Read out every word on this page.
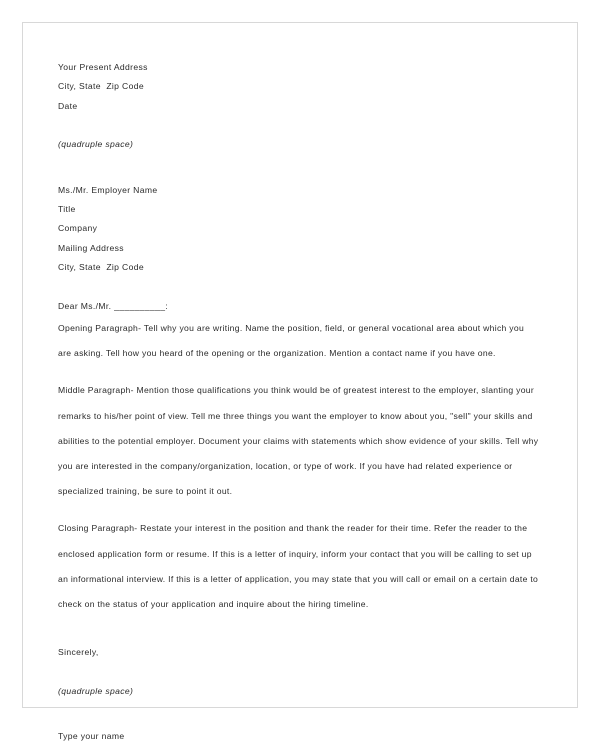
Your Present Address
City, State  Zip Code
Date
(quadruple space)
Ms./Mr. Employer Name
Title
Company
Mailing Address
City, State  Zip Code
Dear Ms./Mr. __________:

Opening Paragraph- Tell why you are writing. Name the position, field, or general vocational area about which you are asking. Tell how you heard of the opening or the organization. Mention a contact name if you have one.

Middle Paragraph- Mention those qualifications you think would be of greatest interest to the employer, slanting your remarks to his/her point of view. Tell me three things you want the employer to know about you, "sell" your skills and abilities to the potential employer. Document your claims with statements which show evidence of your skills. Tell why you are interested in the company/organization, location, or type of work. If you have had related experience or specialized training, be sure to point it out.

Closing Paragraph- Restate your interest in the position and thank the reader for their time. Refer the reader to the enclosed application form or resume. If this is a letter of inquiry, inform your contact that you will be calling to set up an informational interview. If this is a letter of application, you may state that you will call or email on a certain date to check on the status of your application and inquire about the hiring timeline.

Sincerely,
(quadruple space)
Type your name
